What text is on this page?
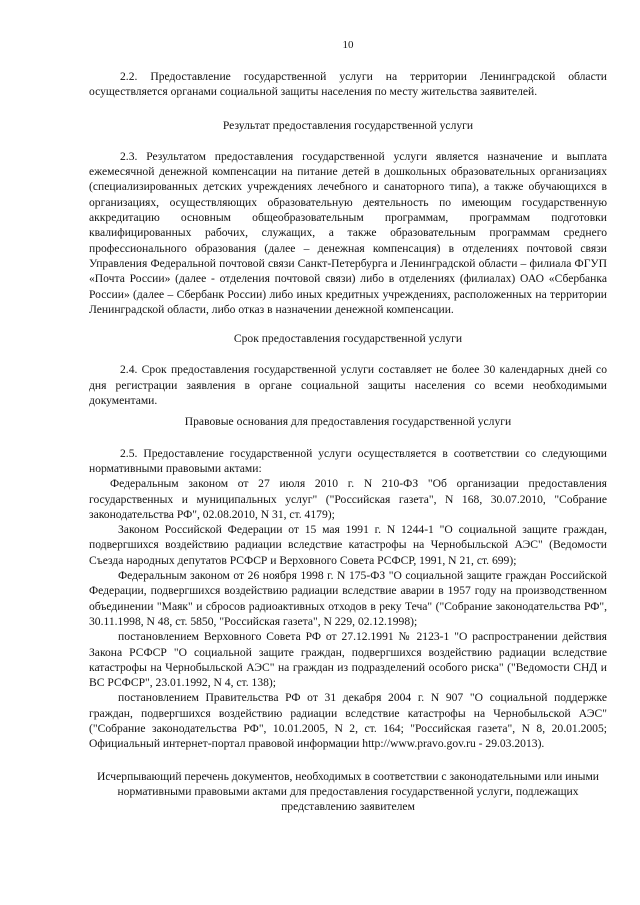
10

2.2. Предоставление государственной услуги на территории Ленинградской области осуществляется органами социальной защиты населения по месту жительства заявителей.

Результат предоставления государственной услуги

2.3. Результатом предоставления государственной услуги является назначение и выплата ежемесячной денежной компенсации на питание детей в дошкольных образовательных организациях (специализированных детских учреждениях лечебного и санаторного типа), а также обучающихся в организациях, осуществляющих образовательную деятельность по имеющим государственную аккредитацию основным общеобразовательным программам, программам подготовки квалифицированных рабочих, служащих, а также образовательным программам среднего профессионального образования (далее – денежная компенсация) в отделениях почтовой связи Управления Федеральной почтовой связи Санкт-Петербурга и Ленинградской области – филиала ФГУП «Почта России» (далее - отделения почтовой связи) либо в отделениях (филиалах) ОАО «Сбербанка России» (далее – Сбербанк России) либо иных кредитных учреждениях, расположенных на территории Ленинградской области, либо отказ в назначении денежной компенсации.

Срок предоставления государственной услуги

2.4. Срок предоставления государственной услуги составляет не более 30 календарных дней со дня регистрации заявления в органе социальной защиты населения со всеми необходимыми документами.

Правовые основания для предоставления государственной услуги

2.5. Предоставление государственной услуги осуществляется в соответствии со следующими нормативными правовыми актами:

Федеральным законом от 27 июля 2010 г. N 210-ФЗ "Об организации предоставления государственных и муниципальных услуг" ("Российская газета", N 168, 30.07.2010, "Собрание законодательства РФ", 02.08.2010, N 31, ст. 4179);

Законом Российской Федерации от 15 мая 1991 г. N 1244-1 "О социальной защите граждан, подвергшихся воздействию радиации вследствие катастрофы на Чернобыльской АЭС" (Ведомости Съезда народных депутатов РСФСР и Верховного Совета РСФСР, 1991, N 21, ст. 699);

Федеральным законом от 26 ноября 1998 г. N 175-ФЗ "О социальной защите граждан Российской Федерации, подвергшихся воздействию радиации вследствие аварии в 1957 году на производственном объединении "Маяк" и сбросов радиоактивных отходов в реку Теча" ("Собрание законодательства РФ", 30.11.1998, N 48, ст. 5850, "Российская газета", N 229, 02.12.1998);

постановлением Верховного Совета РФ от 27.12.1991 № 2123-1 "О распространении действия Закона РСФСР "О социальной защите граждан, подвергшихся воздействию радиации вследствие катастрофы на Чернобыльской АЭС" на граждан из подразделений особого риска" ("Ведомости СНД и ВС РСФСР", 23.01.1992, N 4, ст. 138);

постановлением Правительства РФ от 31 декабря 2004 г. N 907 "О социальной поддержке граждан, подвергшихся воздействию радиации вследствие катастрофы на Чернобыльской АЭС" ("Собрание законодательства РФ", 10.01.2005, N 2, ст. 164; "Российская газета", N 8, 20.01.2005; Официальный интернет-портал правовой информации http://www.pravo.gov.ru - 29.03.2013).

Исчерпывающий перечень документов, необходимых в соответствии с законодательными или иными нормативными правовыми актами для предоставления государственной услуги, подлежащих представлению заявителем
